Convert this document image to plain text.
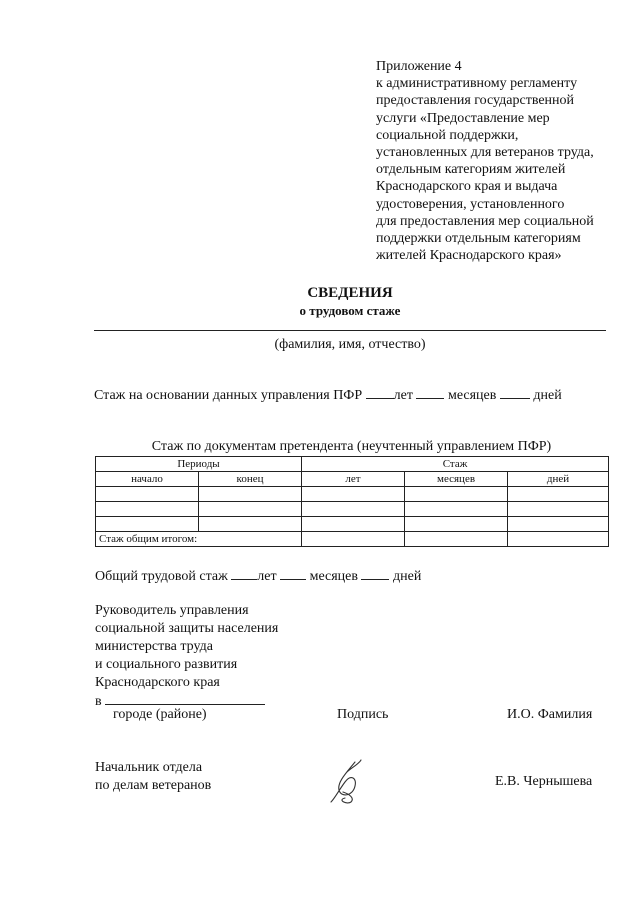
Приложение 4
к административному регламенту
предоставления государственной
услуги «Предоставление мер
социальной поддержки,
установленных для ветеранов труда,
отдельным категориям жителей
Краснодарского края и выдача
удостоверения, установленного
для предоставления мер социальной
поддержки отдельным категориям
жителей Краснодарского края»
СВЕДЕНИЯ
о трудовом стаже
(фамилия, имя, отчество)
Стаж на основании данных управления ПФР лет	месяцев	дней
Стаж по документам претендента (неучтенный управлением ПФР)
Периоды		Стаж		
начало	конец	лет	месяцев	дней

Стаж общим итогом:				
Общий трудовой стаж лет месяцев	дней
Руководитель управления
социальной защиты населения
министерства труда
и социального развития
Краснодарского края
в
городе (районе)	Подпись	И.О. Фамилия
Начальник отдела
по делам ветеранов	Е.В. Чернышева
